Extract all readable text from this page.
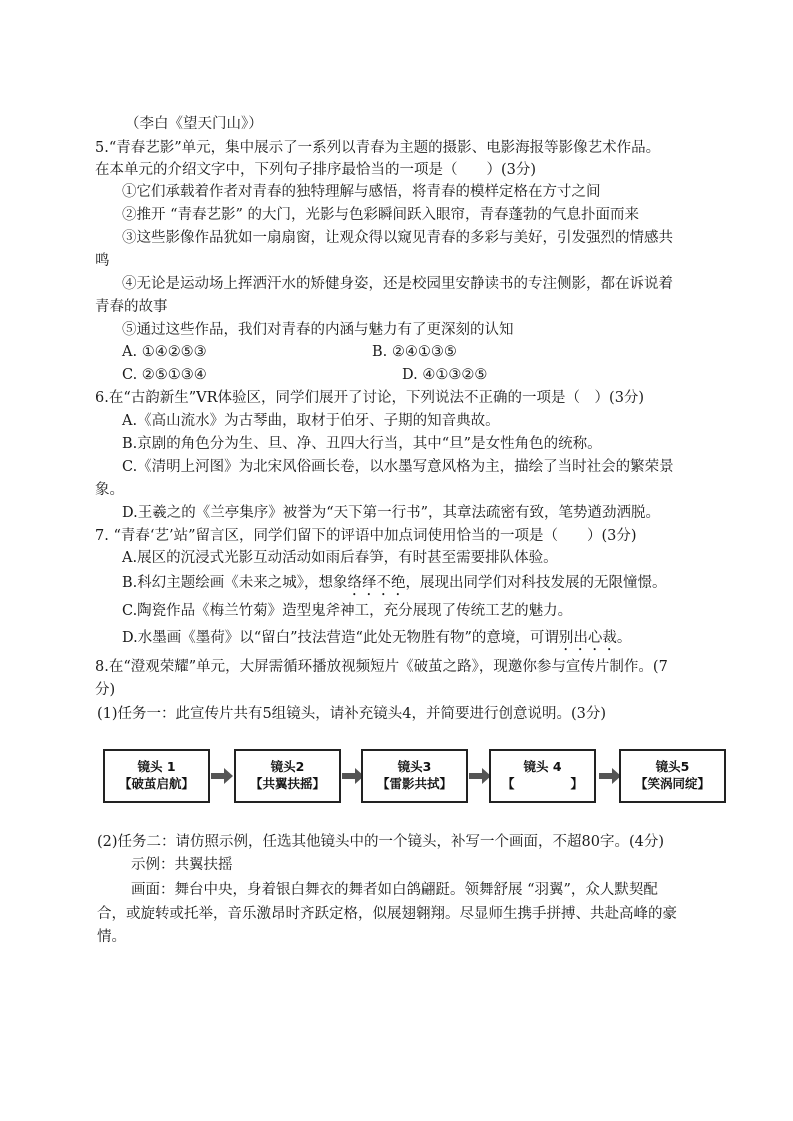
（李白《望天门山》）
5.“青春艺影”单元，集中展示了一系列以青春为主题的摄影、电影海报等影像艺术作品。
在本单元的介绍文字中，下列句子排序最恰当的一项是（　　）(3分)
①它们承载着作者对青春的独特理解与感悟，将青春的模样定格在方寸之间
②推开 “青春艺影” 的大门，光影与色彩瞬间跃入眼帘，青春蓬勃的气息扑面而来
③这些影像作品犹如一扇扇窗，让观众得以窥见青春的多彩与美好，引发强烈的情感共
鸣
④无论是运动场上挥洒汗水的矫健身姿，还是校园里安静读书的专注侧影，都在诉说着
青春的故事
⑤通过这些作品，我们对青春的内涵与魅力有了更深刻的认知
A. ①④②⑤③	B. ②④①③⑤
C. ②⑤①③④	D. ④①③②⑤
6.在“古韵新生”VR体验区，同学们展开了讨论，下列说法不正确的一项是（　）(3分)
A.《高山流水》为古琴曲，取材于伯牙、子期的知音典故。
B.京剧的角色分为生、旦、净、丑四大行当，其中“旦”是女性角色的统称。
C.《清明上河图》为北宋风俗画长卷，以水墨写意风格为主，描绘了当时社会的繁荣景
象。
D.王羲之的《兰亭集序》被誉为“天下第一行书”，其章法疏密有致，笔势遒劲洒脱。
7. “青春‘艺’站”留言区，同学们留下的评语中加点词使用恰当的一项是（　　）(3分)
A.展区的沉浸式光影互动活动如雨后春笋，有时甚至需要排队体验。
B.科幻主题绘画《未来之城》，想象络绎不绝，展现出同学们对科技发展的无限憧憬。
C.陶瓷作品《梅兰竹菊》造型鬼斧神工，充分展现了传统工艺的魅力。
D.水墨画《墨荷》以“留白”技法营造“此处无物胜有物”的意境，可谓别出心裁。
8.在“澄观荣耀”单元，大屏需循环播放视频短片《破茧之路》，现邀你参与宣传片制作。(7
分)
(1)任务一：此宣传片共有5组镜头，请补充镜头4，并简要进行创意说明。(3分)
镜头 1
【破茧启航】
镜头2
【共翼扶摇】
镜头3
【雷影共拭】
镜头 4
【	】
镜头5
【笑涡同绽】
(2)任务二：请仿照示例，任选其他镜头中的一个镜头，补写一个画面，不超80字。(4分)
示例：共翼扶摇
画面：舞台中央，身着银白舞衣的舞者如白鸽翩跹。领舞舒展 “羽翼”，众人默契配
合，或旋转或托举，音乐激昂时齐跃定格，似展翅翱翔。尽显师生携手拼搏、共赴高峰的豪
情。
